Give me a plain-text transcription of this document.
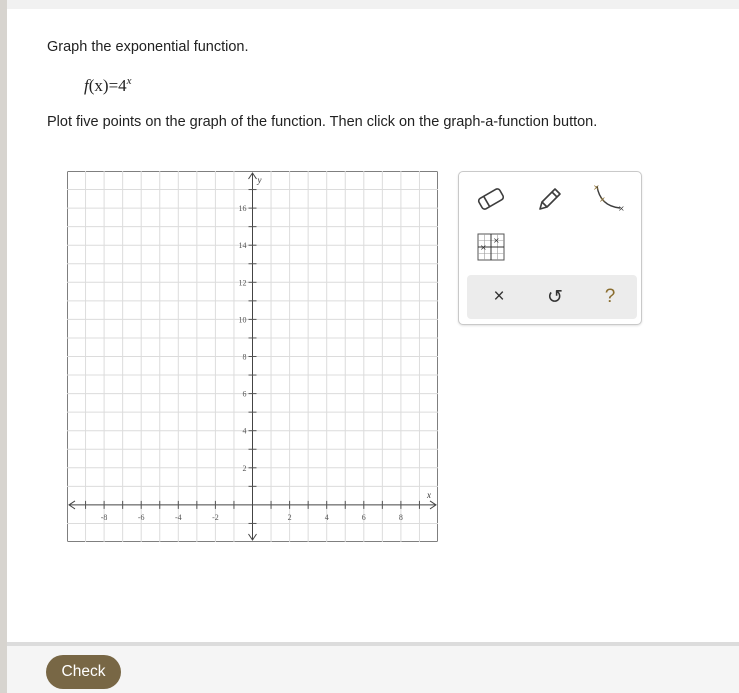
Graph the exponential function.
$f(x)=4^x$
Plot five points on the graph of the function. Then click on the graph-a-function button.
-8	-6	-4	-2	2	4	6	8
2
4
6
8
10
12
14
16
x
y
×
×
×
×
×
×	↺	?
Check
